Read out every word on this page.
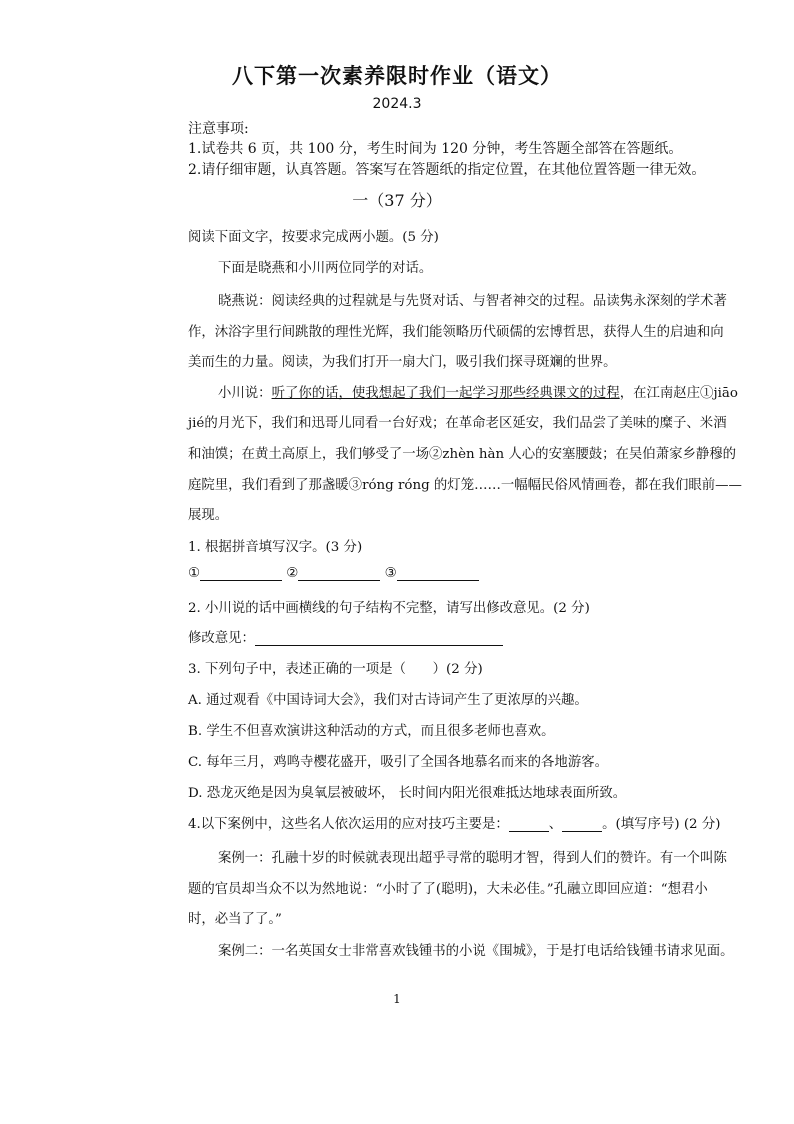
八下第一次素养限时作业（语文）
2024.3
注意事项:
1.试卷共 6 页，共 100 分，考生时间为 120 分钟，考生答题全部答在答题纸。
2.请仔细审题，认真答题。答案写在答题纸的指定位置，在其他位置答题一律无效。
一（37 分）
阅读下面文字，按要求完成两小题。(5 分)
下面是晓燕和小川两位同学的对话。
晓燕说：阅读经典的过程就是与先贤对话、与智者神交的过程。品读隽永深刻的学术著
作，沐浴字里行间跳散的理性光辉，我们能领略历代硕儒的宏博哲思，获得人生的启迪和向
美而生的力量。阅读，为我们打开一扇大门，吸引我们探寻斑斓的世界。
小川说：听了你的话，使我想起了我们一起学习那些经典课文的过程，在江南赵庄①jiāo
jié的月光下，我们和迅哥儿同看一台好戏；在革命老区延安，我们品尝了美味的糜子、米酒
和油馍；在黄土高原上，我们够受了一场②zhèn hàn 人心的安塞腰鼓；在吴伯萧家乡静穆的
庭院里，我们看到了那盏暖③róng róng 的灯笼……一幅幅民俗风情画卷，都在我们眼前——
展现。
1. 根据拼音填写汉字。(3 分)
①	②	③
2. 小川说的话中画横线的句子结构不完整，请写出修改意见。(2 分)
修改意见：
3. 下列句子中，表述正确的一项是（　　）(2 分)
A. 通过观看《中国诗词大会》，我们对古诗词产生了更浓厚的兴趣。
B. 学生不但喜欢演讲这种活动的方式，而且很多老师也喜欢。
C. 每年三月，鸡鸣寺樱花盛开，吸引了全国各地慕名而来的各地游客。
D. 恐龙灭绝是因为臭氧层被破坏， 长时间内阳光很难抵达地球表面所致。
4.以下案例中，这些名人依次运用的应对技巧主要是：	、	。(填写序号) (2 分)
案例一：孔融十岁的时候就表现出超乎寻常的聪明才智，得到人们的赞许。有一个叫陈
题的官员却当众不以为然地说：“小时了了(聪明)，大未必佳。”孔融立即回应道：“想君小
时，必当了了。”
案例二：一名英国女士非常喜欢钱锺书的小说《围城》，于是打电话给钱锺书请求见面。
1
